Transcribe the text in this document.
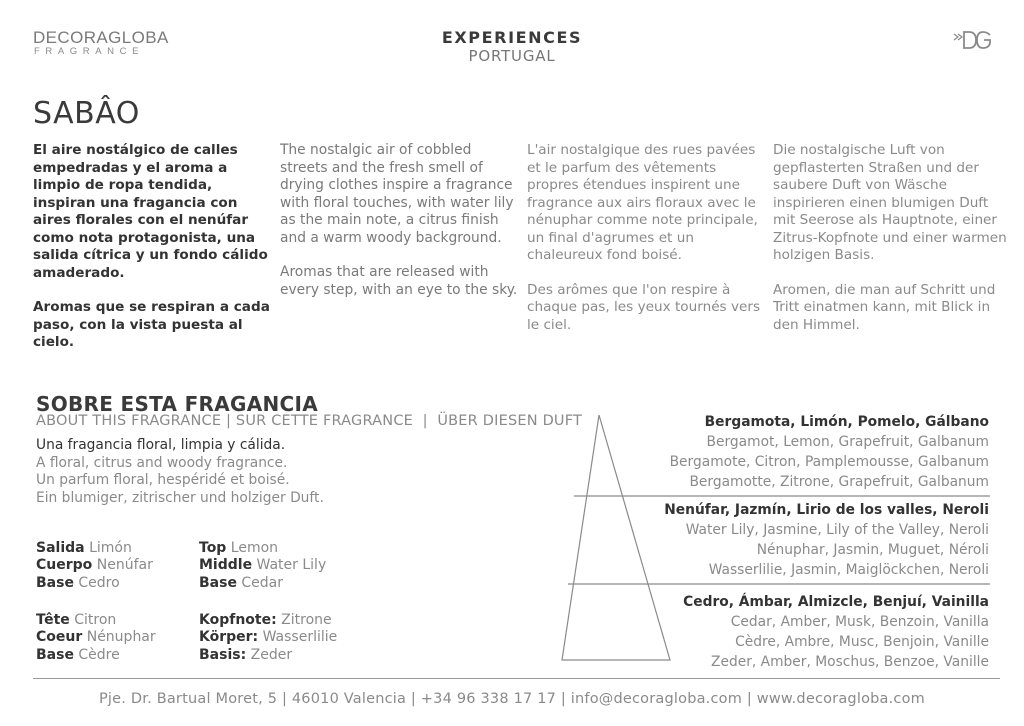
DECORAGLOBA
FRAGRANCE
EXPERIENCES
PORTUGAL
SABÂO

El aire nostálgico de calles empedradas y el aroma a limpio de ropa tendida, inspiran una fragancia con aires florales con el nenúfar como nota protagonista, una salida cítrica y un fondo cálido amaderado.

Aromas que se respiran a cada paso, con la vista puesta al cielo.

The nostalgic air of cobbled streets and the fresh smell of drying clothes inspire a fragrance with floral touches, with water lily as the main note, a citrus finish and a warm woody background.

Aromas that are released with every step, with an eye to the sky.

L'air nostalgique des rues pavées et le parfum des vêtements propres étendues inspirent une fragrance aux airs floraux avec le nénuphar comme note principale, un final d'agrumes et un chaleureux fond boisé.

Des arômes que l'on respire à chaque pas, les yeux tournés vers le ciel.

Die nostalgische Luft von gepflasterten Straßen und der saubere Duft von Wäsche inspirieren einen blumigen Duft mit Seerose als Hauptnote, einer Zitrus-Kopfnote und einer warmen holzigen Basis.

Aromen, die man auf Schritt und Tritt einatmen kann, mit Blick in den Himmel.

SOBRE ESTA FRAGANCIA
ABOUT THIS FRAGRANCE | SUR CETTE FRAGRANCE  |  ÜBER DIESEN DUFT
Una fragancia floral, limpia y cálida.
A floral, citrus and woody fragrance.
Un parfum floral, hespéridé et boisé.
Ein blumiger, zitrischer und holziger Duft.
Salida Limón
Cuerpo Nenúfar
Base Cedro
Top Lemon
Middle Water Lily
Base Cedar
Tête Citron
Coeur Nénuphar
Base Cèdre
Kopfnote: Zitrone
Körper: Wasserlilie
Basis: Zeder
Bergamota, Limón, Pomelo, Gálbano
Bergamot, Lemon, Grapefruit, Galbanum
Bergamote, Citron, Pamplemousse, Galbanum
Bergamotte, Zitrone, Grapefruit, Galbanum
Nenúfar, Jazmín, Lirio de los valles, Neroli
Water Lily, Jasmine, Lily of the Valley, Neroli
Nénuphar, Jasmin, Muguet, Néroli
Wasserlilie, Jasmin, Maiglöckchen, Neroli
Cedro, Ámbar, Almizcle, Benjuí, Vainilla
Cedar, Amber, Musk, Benzoin, Vanilla
Cèdre, Ambre, Musc, Benjoin, Vanille
Zeder, Amber, Moschus, Benzoe, Vanille
Pje. Dr. Bartual Moret, 5 | 46010 Valencia | +34 96 338 17 17 | info@decoragloba.com | www.decoragloba.com
